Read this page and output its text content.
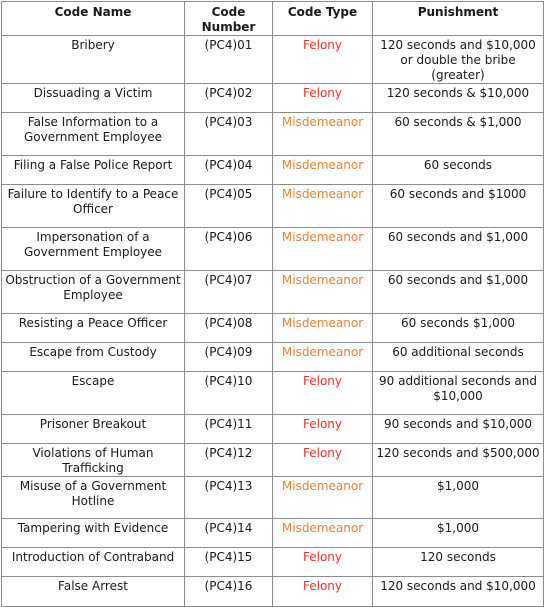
Code Name	Code Number	Code Type	Punishment
Bribery	(PC4)01	Felony	120 seconds and $10,000 or double the bribe (greater)
Dissuading a Victim	(PC4)02	Felony	120 seconds & $10,000
False Information to a Government Employee	(PC4)03	Misdemeanor	60 seconds & $1,000
Filing a False Police Report	(PC4)04	Misdemeanor	60 seconds
Failure to Identify to a Peace Officer	(PC4)05	Misdemeanor	60 seconds and $1000
Impersonation of a Government Employee	(PC4)06	Misdemeanor	60 seconds and $1,000
Obstruction of a Government Employee	(PC4)07	Misdemeanor	60 seconds and $1,000
Resisting a Peace Officer	(PC4)08	Misdemeanor	60 seconds $1,000
Escape from Custody	(PC4)09	Misdemeanor	60 additional seconds
Escape	(PC4)10	Felony	90 additional seconds and $10,000
Prisoner Breakout	(PC4)11	Felony	90 seconds and $10,000
Violations of Human Trafficking	(PC4)12	Felony	120 seconds and $500,000
Misuse of a Government Hotline	(PC4)13	Misdemeanor	$1,000
Tampering with Evidence	(PC4)14	Misdemeanor	$1,000
Introduction of Contraband	(PC4)15	Felony	120 seconds
False Arrest	(PC4)16	Felony	120 seconds and $10,000
